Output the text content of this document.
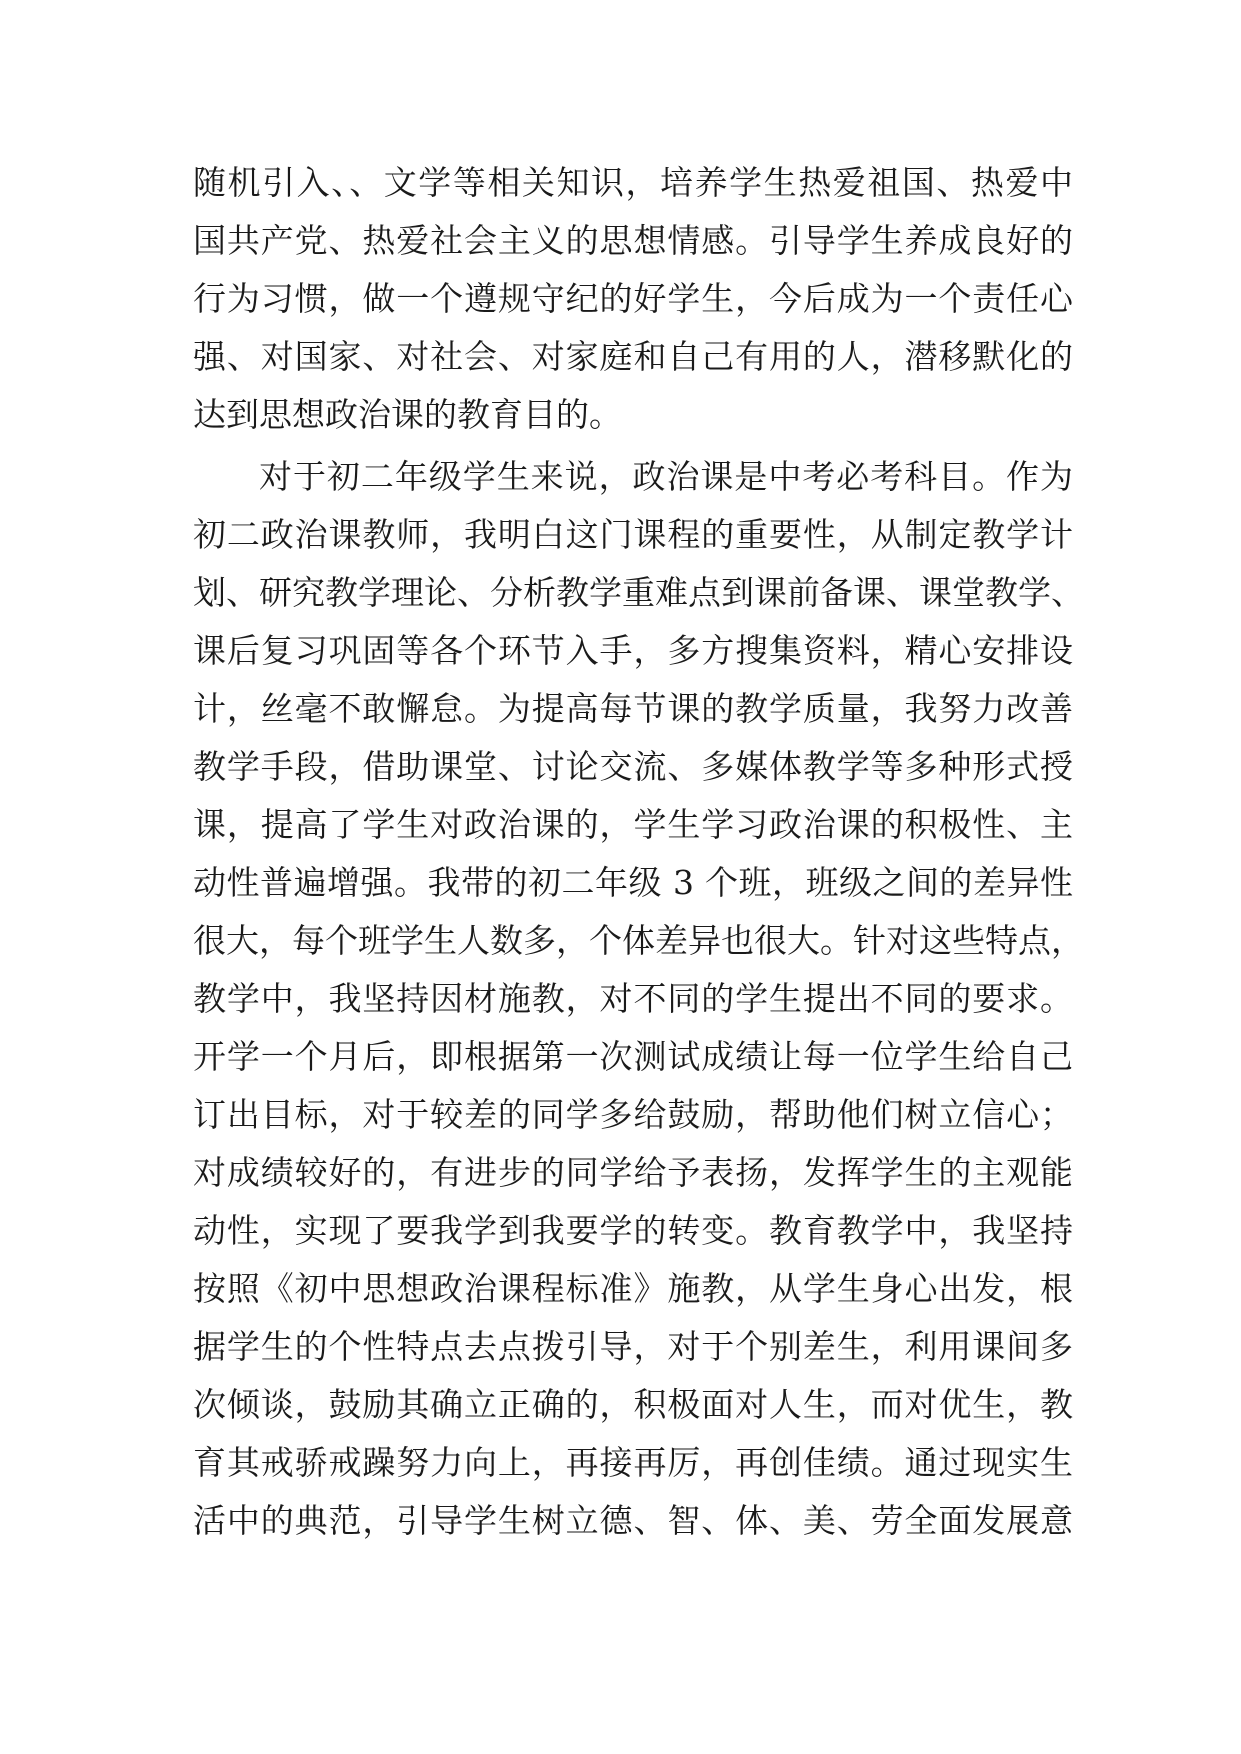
随机引入、、文学等相关知识，培养学生热爱祖国、热爱中
国共产党、热爱社会主义的思想情感。引导学生养成良好的
行为习惯，做一个遵规守纪的好学生，今后成为一个责任心
强、对国家、对社会、对家庭和自己有用的人，潜移默化的
达到思想政治课的教育目的。
对于初二年级学生来说，政治课是中考必考科目。作为
初二政治课教师，我明白这门课程的重要性，从制定教学计
划、研究教学理论、分析教学重难点到课前备课、课堂教学、
课后复习巩固等各个环节入手，多方搜集资料，精心安排设
计，丝毫不敢懈怠。为提高每节课的教学质量，我努力改善
教学手段，借助课堂、讨论交流、多媒体教学等多种形式授
课，提高了学生对政治课的，学生学习政治课的积极性、主
动性普遍增强。我带的初二年级 3 个班，班级之间的差异性
很大，每个班学生人数多，个体差异也很大。针对这些特点，
教学中，我坚持因材施教，对不同的学生提出不同的要求。
开学一个月后，即根据第一次测试成绩让每一位学生给自己
订出目标，对于较差的同学多给鼓励，帮助他们树立信心；
对成绩较好的，有进步的同学给予表扬，发挥学生的主观能
动性，实现了要我学到我要学的转变。教育教学中，我坚持
按照《初中思想政治课程标准》施教，从学生身心出发，根
据学生的个性特点去点拨引导，对于个别差生，利用课间多
次倾谈，鼓励其确立正确的，积极面对人生，而对优生，教
育其戒骄戒躁努力向上，再接再厉，再创佳绩。通过现实生
活中的典范，引导学生树立德、智、体、美、劳全面发展意
